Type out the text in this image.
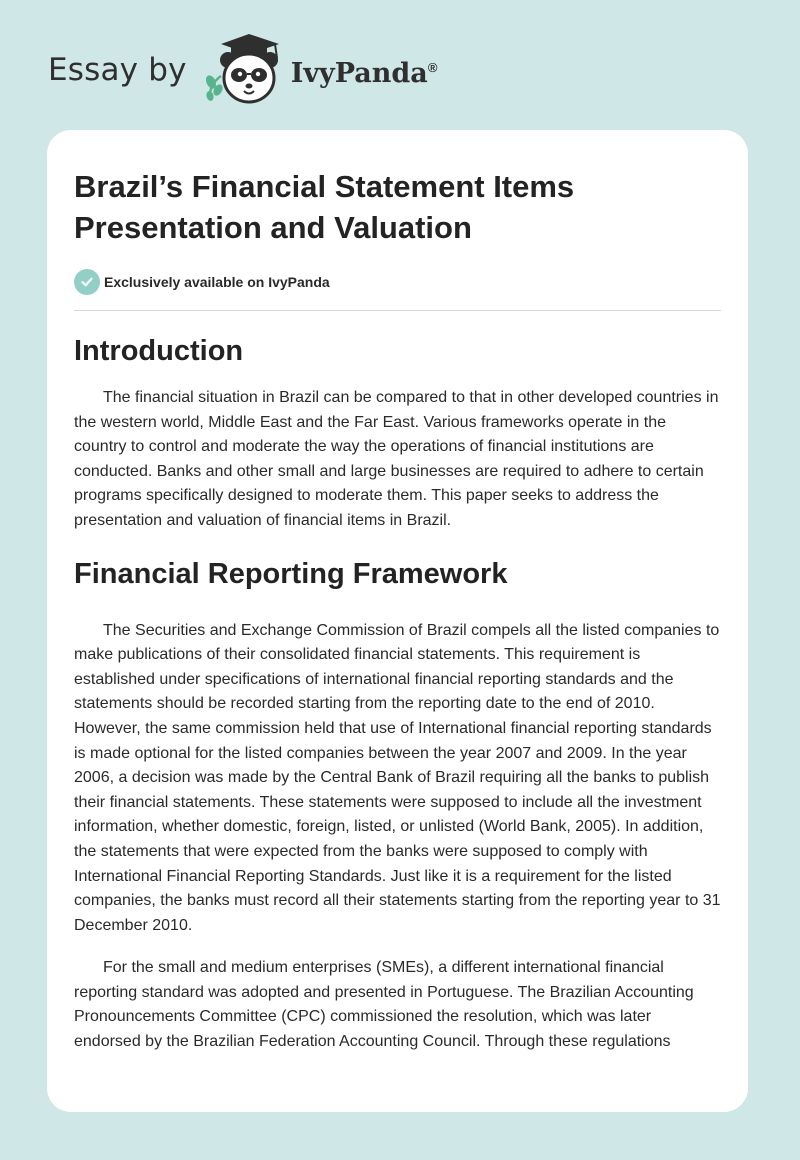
Essay by	IvyPanda®
Brazil’s Financial Statement Items Presentation and Valuation
Exclusively available on IvyPanda
Introduction

The financial situation in Brazil can be compared to that in other developed countries in the western world, Middle East and the Far East. Various frameworks operate in the country to control and moderate the way the operations of financial institutions are conducted. Banks and other small and large businesses are required to adhere to certain programs specifically designed to moderate them. This paper seeks to address the presentation and valuation of financial items in Brazil.

Financial Reporting Framework

The Securities and Exchange Commission of Brazil compels all the listed companies to make publications of their consolidated financial statements. This requirement is established under specifications of international financial reporting standards and the statements should be recorded starting from the reporting date to the end of 2010. However, the same commission held that use of International financial reporting standards is made optional for the listed companies between the year 2007 and 2009. In the year 2006, a decision was made by the Central Bank of Brazil requiring all the banks to publish their financial statements. These statements were supposed to include all the investment information, whether domestic, foreign, listed, or unlisted (World Bank, 2005). In addition, the statements that were expected from the banks were supposed to comply with International Financial Reporting Standards. Just like it is a requirement for the listed companies, the banks must record all their statements starting from the reporting year to 31 December 2010.

For the small and medium enterprises (SMEs), a different international financial reporting standard was adopted and presented in Portuguese. The Brazilian Accounting Pronouncements Committee (CPC) commissioned the resolution, which was later endorsed by the Brazilian Federation Accounting Council. Through these regulations
